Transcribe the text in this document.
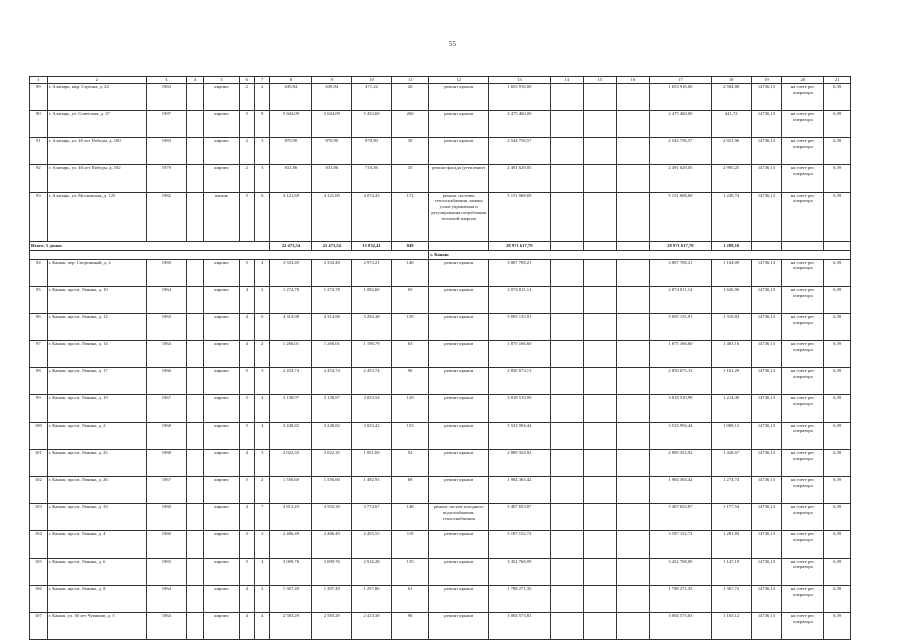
55
1	2	3	4	5	6	7	8	9	10	11	12	13	14	15	16	17	18	19	20	21
89	г. Алатырь, мкр. Стрелка, д. 22	1963		кирпич	2	2	639,84	639,84	471,22	26	ремонт кровли	1 653 916,00				1 653 916,00	2 584,88	14736,13	на счете рег. оператора	6,39
90	г. Алатырь, ул. Советская, д. 37	1997		кирпич	5	9	5 604,09	5 604,09	5 453,69	260	ремонт кровли	2 475 460,00				2 475 460,00	441,72	14736,13	на счете рег. оператора	6,39
91	г. Алатырь, ул. 40 лет Победы, д. 100	1983		кирпич	2	3	870,90	870,90	870,90	38	ремонт кровли	2 544 756,57				2 544 756,57	2 921,96	14736,13	на счете рег. оператора	6,39
92	г. Алатырь, ул. 40 лет Победы, д. 102	1979		кирпич	2	3	831,86	831,86	710,36	35	ремонт фасада (утепление)	2 491 629,05				2 491 629,05	2 995,25	14736,13	на счете рег. оператора	6,39
93	г. Алатырь, ул. Московская, д. 125	1982		панель	5	6	4 121,69	4 121,69	4 074,43	172	ремонт системы теплоснабжения, замена узлов управления и регулирования потребления тепловой энергии	5 151 068,69				5 151 068,69	1 249,74	14736,13	на счете рег. оператора	6,39
Итого: 5 домов							22 473,54	22 473,54	15 832,41	849		28 971 617,79				28 971 617,79	1 289,16			
											г. Канаш									
94	г. Канаш, пер. Спортивный, д. 2	1969		кирпич	5	4	3 333,49	3 333,49	2 973,21	146	ремонт крыши	3 887 708,21				3 887 708,21	1 164,09	14736,13	на счете рег. оператора	6,39
95	г. Канаш, просп. Ленина, д. 10	1964		кирпич	4	2	1 274,78	1 274,78	1 082,60	65	ремонт крыши	2 074 011,14				2 074 011,14	1 626,96	14736,13	на счете рег. оператора	6,39
96	г. Канаш, просп. Ленина, д. 12	1963		кирпич	4	6	4 314,98	4 314,98	3 294,38	150	ремонт крыши	5 695 135,91				5 695 135,91	1 319,83	14736,13	на счете рег. оператора	6,39
97	г. Канаш, просп. Ленина, д. 14	1964		кирпич	4	2	1 266,01	1 266,01	1 196,79	63	ремонт крыши	1 875 166,60				1 875 166,60	1 481,16	14736,13	на счете рег. оператора	6,39
98	г. Канаш, просп. Ленина, д. 17	1966		кирпич	5	3	2 454,74	2 454,74	2 453,74	96	ремонт крыши	2 850 673,13				2 850 673,13	1 161,29	14736,13	на счете рег. оператора	6,39
99	г. Канаш, просп. Ленина, д. 19	1967		кирпич	5	4	3 138,97	3 138,97	3 053,54	129	ремонт крыши	3 818 510,99				3 818 510,99	1 214,49	14736,13	на счете рег. оператора	6,39
100	г. Канаш, просп. Ленина, д. 2	1968		кирпич	5	4	3 248,82	3 248,82	3 023,42	153	ремонт крыши	3 533 994,44				3 533 994,44	1 089,12	14736,13	на счете рег. оператора	6,39
101	г. Канаш, просп. Ленина, д. 25	1968		кирпич	4	3	2 022,35	2 022,35	1 851,69	92	ремонт крыши	2 889 354,92				2 889 354,92	1 428,67	14736,13	на счете рег. оператора	6,39
102	г. Канаш, просп. Ленина, д. 26	1967		кирпич	5	2	1 556,60	1 556,60	1 492,93	68	ремонт крыши	1 984 363,42				1 984 363,42	1 274,74	14736,13	на счете рег. оператора	6,39
103	г. Канаш, просп. Ленина, д. 33	1960		кирпич	4	7	4 813,43	4 592,30	3 774,67	148	ремонт систем холодного водоснабжения, теплоснабжения	5 407 653,87				5 407 653,87	1 177,54	14736,13	на счете рег. оператора	6,39
104	г. Канаш, просп. Ленина, д. 4	1960		кирпич	3	3	2 486,49	2 486,49	2 455,55	119	ремонт крыши	3 187 152,72				3 187 152,72	1 281,83	14736,13	на счете рег. оператора	6,39
105	г. Канаш, просп. Ленина, д. 6	1965		кирпич	5	4	3 009,76	3 009,76	2 916,28	135	ремонт крыши	3 452 768,09				3 452 768,09	1 147,19	14736,13	на счете рег. оператора	6,39
106	г. Канаш, просп. Ленина, д. 8	1964		кирпич	4	2	1 307,49	1 307,49	1 257,86	61	ремонт крыши	1 788 271,35				1 788 271,35	1 367,72	14736,13	на счете рег. оператора	6,39
107	г. Канаш, ул. 30 лет Чувашии, д. 5	1964		кирпич	4	4	2 583,29	2 583,29	2 413,38	96	ремонт крыши	3 004 573,83				3 004 573,83	1 163,12	14736,13	на счете рег. оператора	6,39
